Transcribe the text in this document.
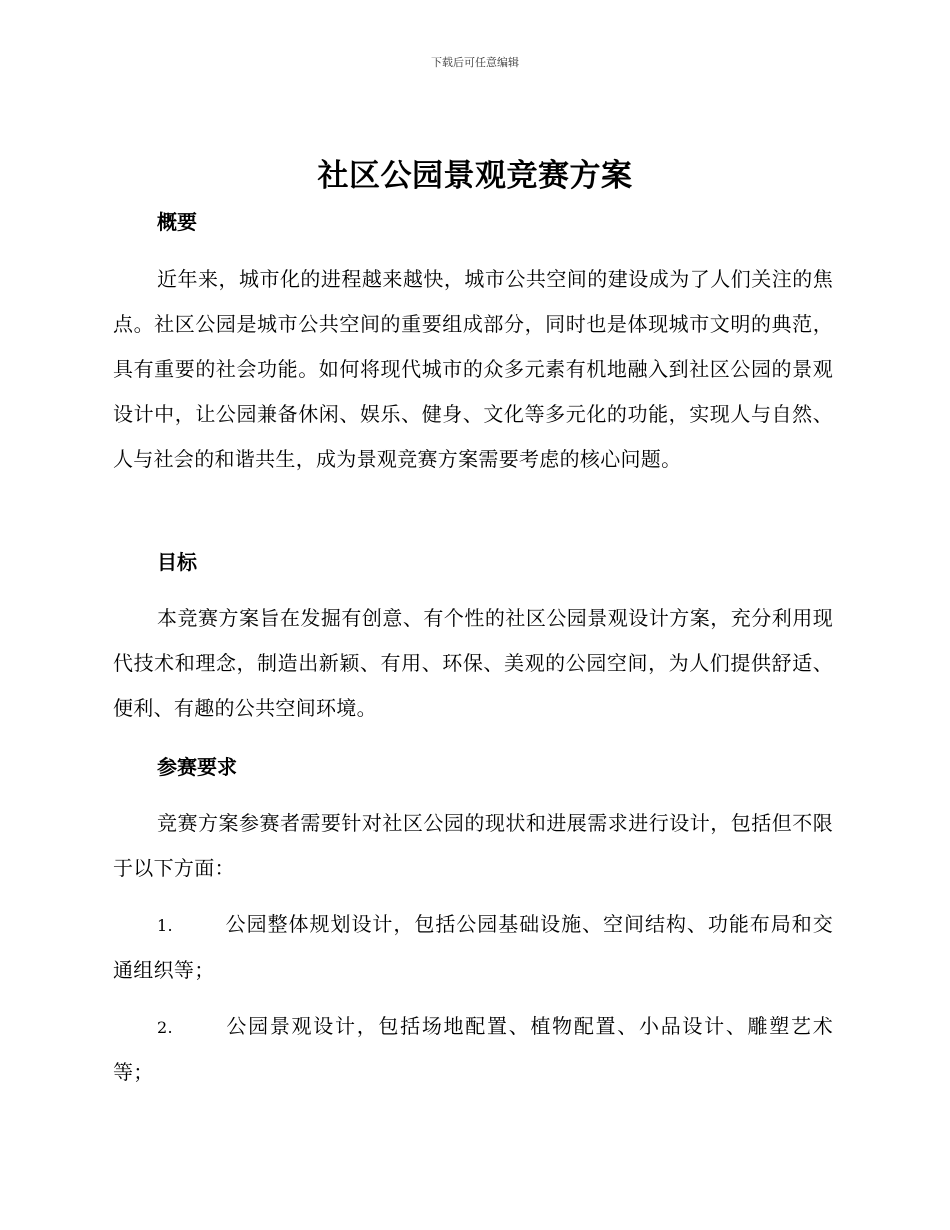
下载后可任意编辑
社区公园景观竞赛方案
概要

近年来，城市化的进程越来越快，城市公共空间的建设成为了人们关注的焦点。社区公园是城市公共空间的重要组成部分，同时也是体现城市文明的典范，具有重要的社会功能。如何将现代城市的众多元素有机地融入到社区公园的景观设计中，让公园兼备休闲、娱乐、健身、文化等多元化的功能，实现人与自然、人与社会的和谐共生，成为景观竞赛方案需要考虑的核心问题。

目标

本竞赛方案旨在发掘有创意、有个性的社区公园景观设计方案，充分利用现代技术和理念，制造出新颖、有用、环保、美观的公园空间，为人们提供舒适、便利、有趣的公共空间环境。

参赛要求

竞赛方案参赛者需要针对社区公园的现状和进展需求进行设计，包括但不限于以下方面：

1.	公园整体规划设计，包括公园基础设施、空间结构、功能布局和交通组织等；

2.	公园景观设计，包括场地配置、植物配置、小品设计、雕塑艺术等；
